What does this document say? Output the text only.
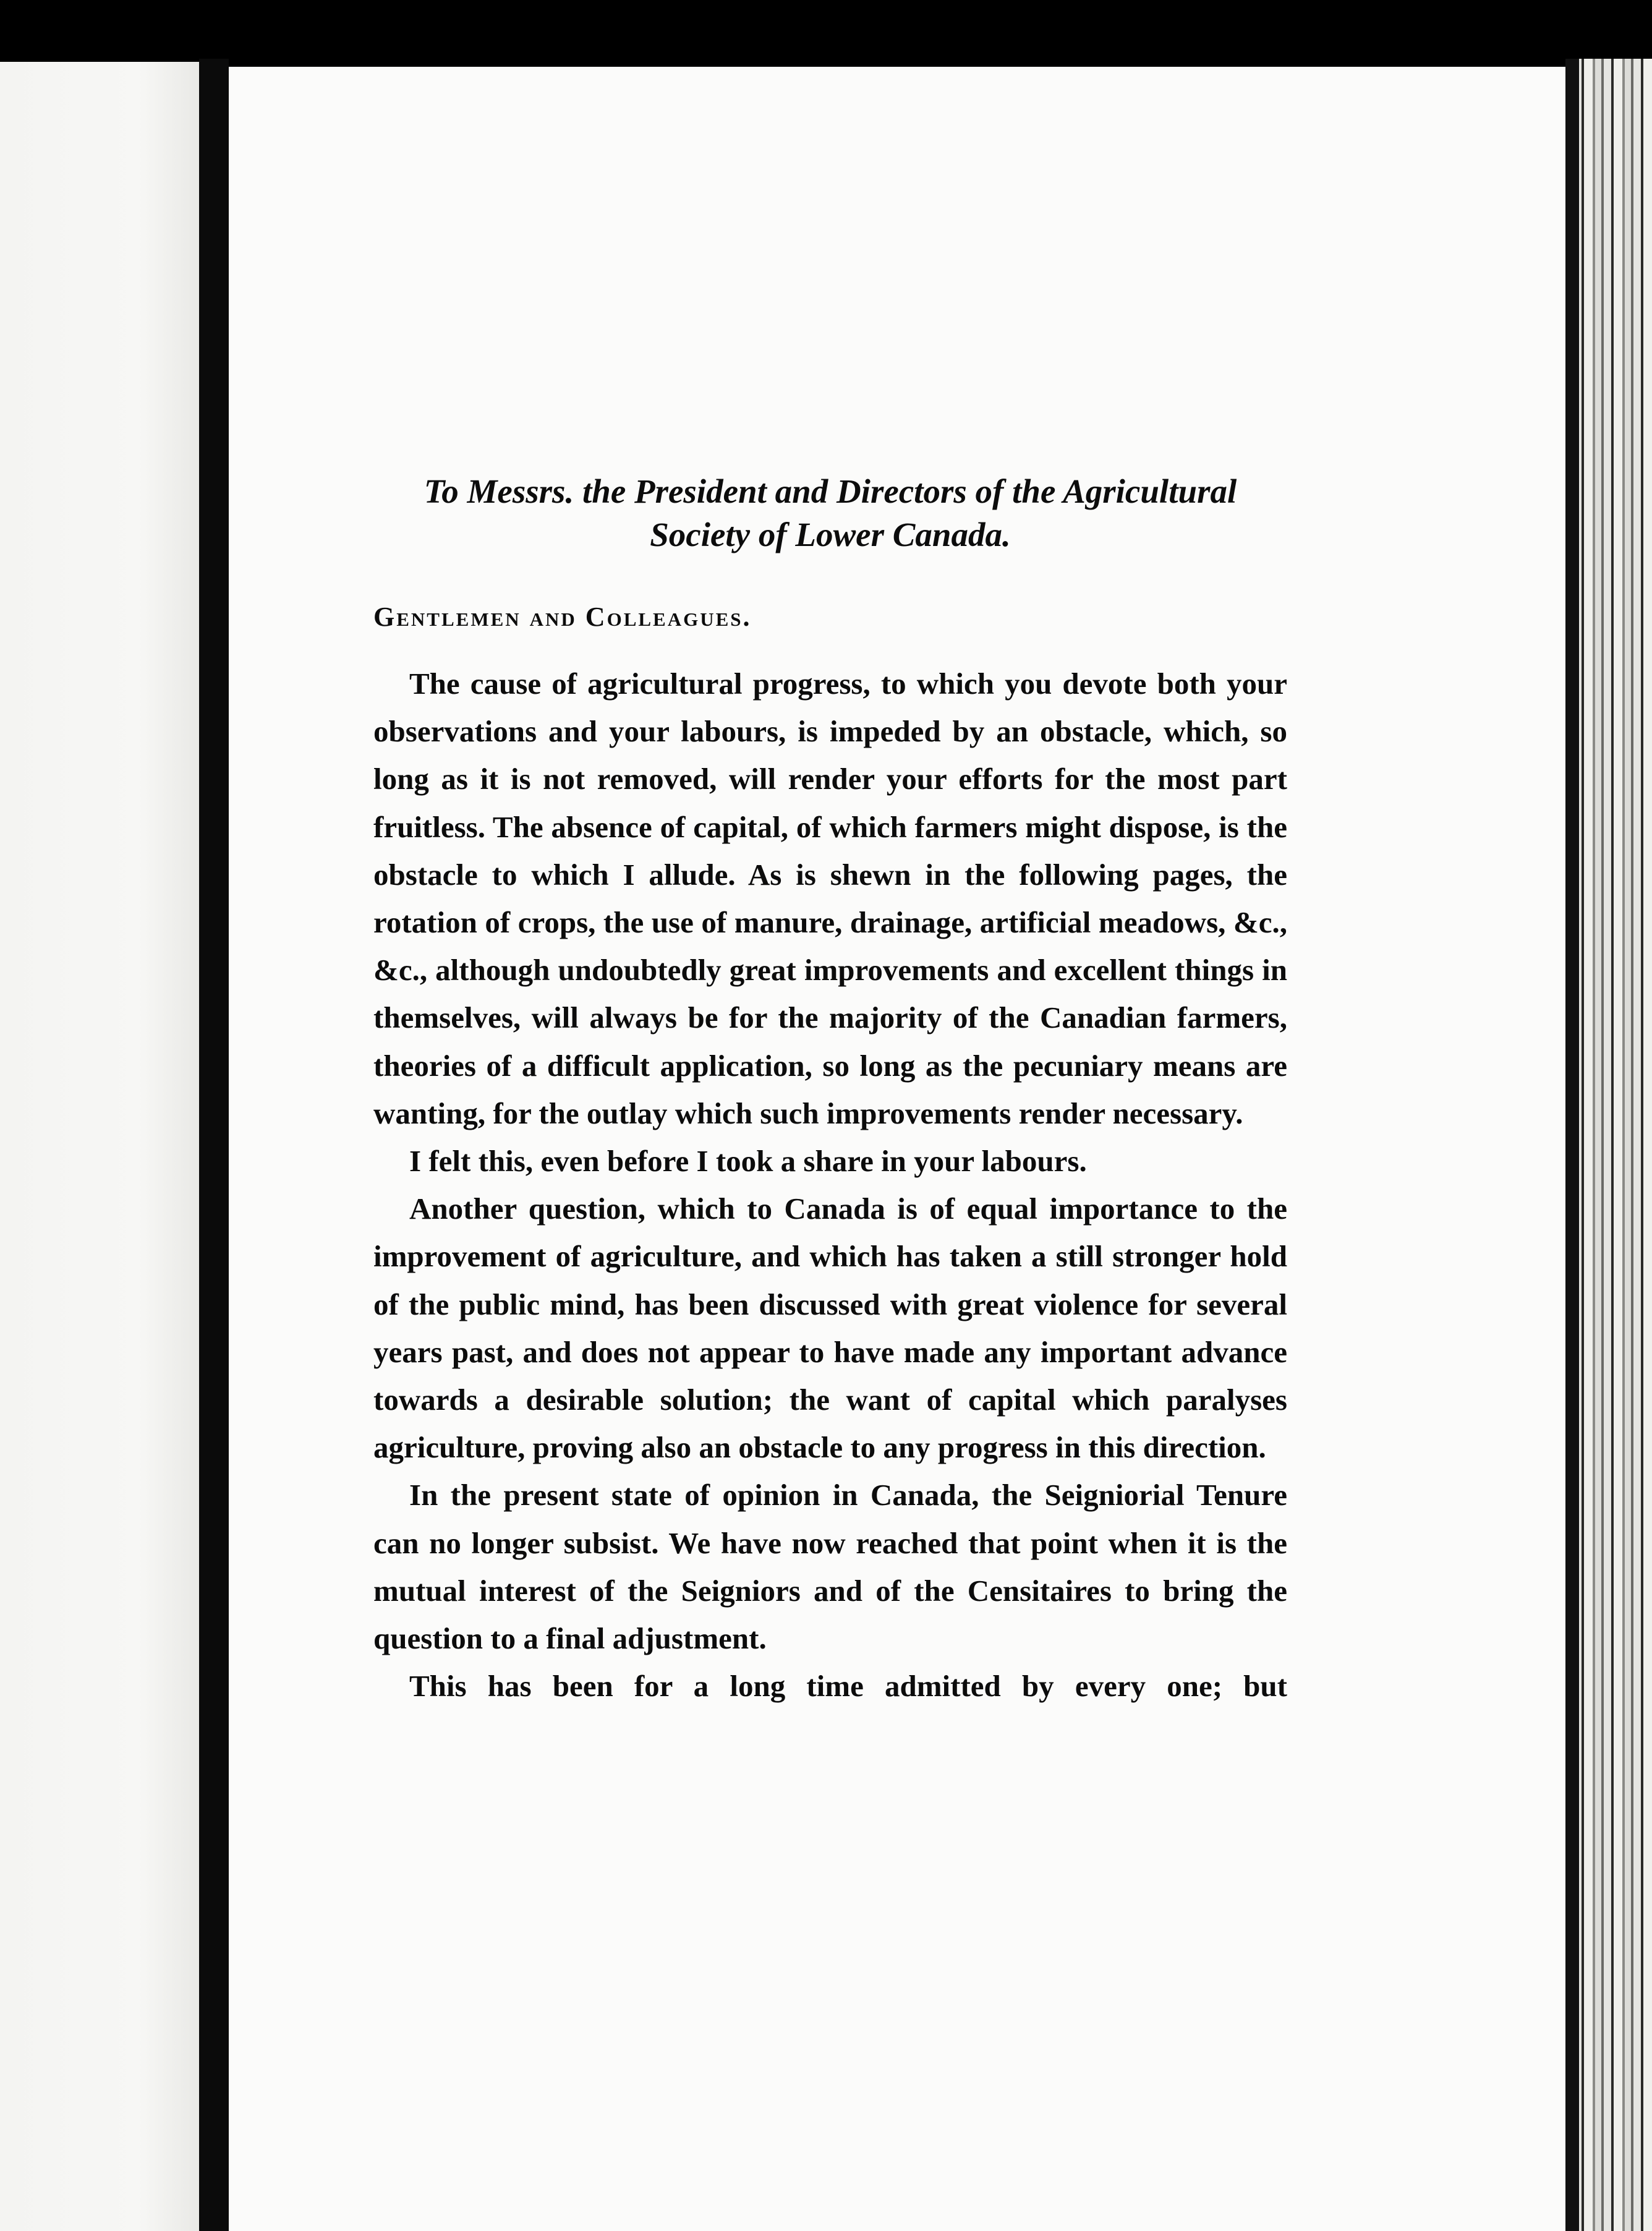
To Messrs. the President and Directors of the Agricultural Society of Lower Canada.

Gentlemen and Colleagues.

The cause of agricultural progress, to which you devote both your observations and your labours, is impeded by an obstacle, which, so long as it is not removed, will render your efforts for the most part fruitless. The absence of capital, of which farmers might dispose, is the obstacle to which I allude. As is shewn in the following pages, the rotation of crops, the use of manure, drainage, artificial meadows, &c., &c., although undoubtedly great improvements and excellent things in themselves, will always be for the majority of the Canadian farmers, theories of a difficult application, so long as the pecuniary means are wanting, for the outlay which such improvements render necessary.

I felt this, even before I took a share in your labours.

Another question, which to Canada is of equal importance to the improvement of agriculture, and which has taken a still stronger hold of the public mind, has been discussed with great violence for several years past, and does not appear to have made any important advance towards a desirable solution; the want of capital which paralyses agriculture, proving also an obstacle to any progress in this direction.

In the present state of opinion in Canada, the Seigniorial Tenure can no longer subsist. We have now reached that point when it is the mutual interest of the Seigniors and of the Censitaires to bring the question to a final adjustment.

This has been for a long time admitted by every one; but
